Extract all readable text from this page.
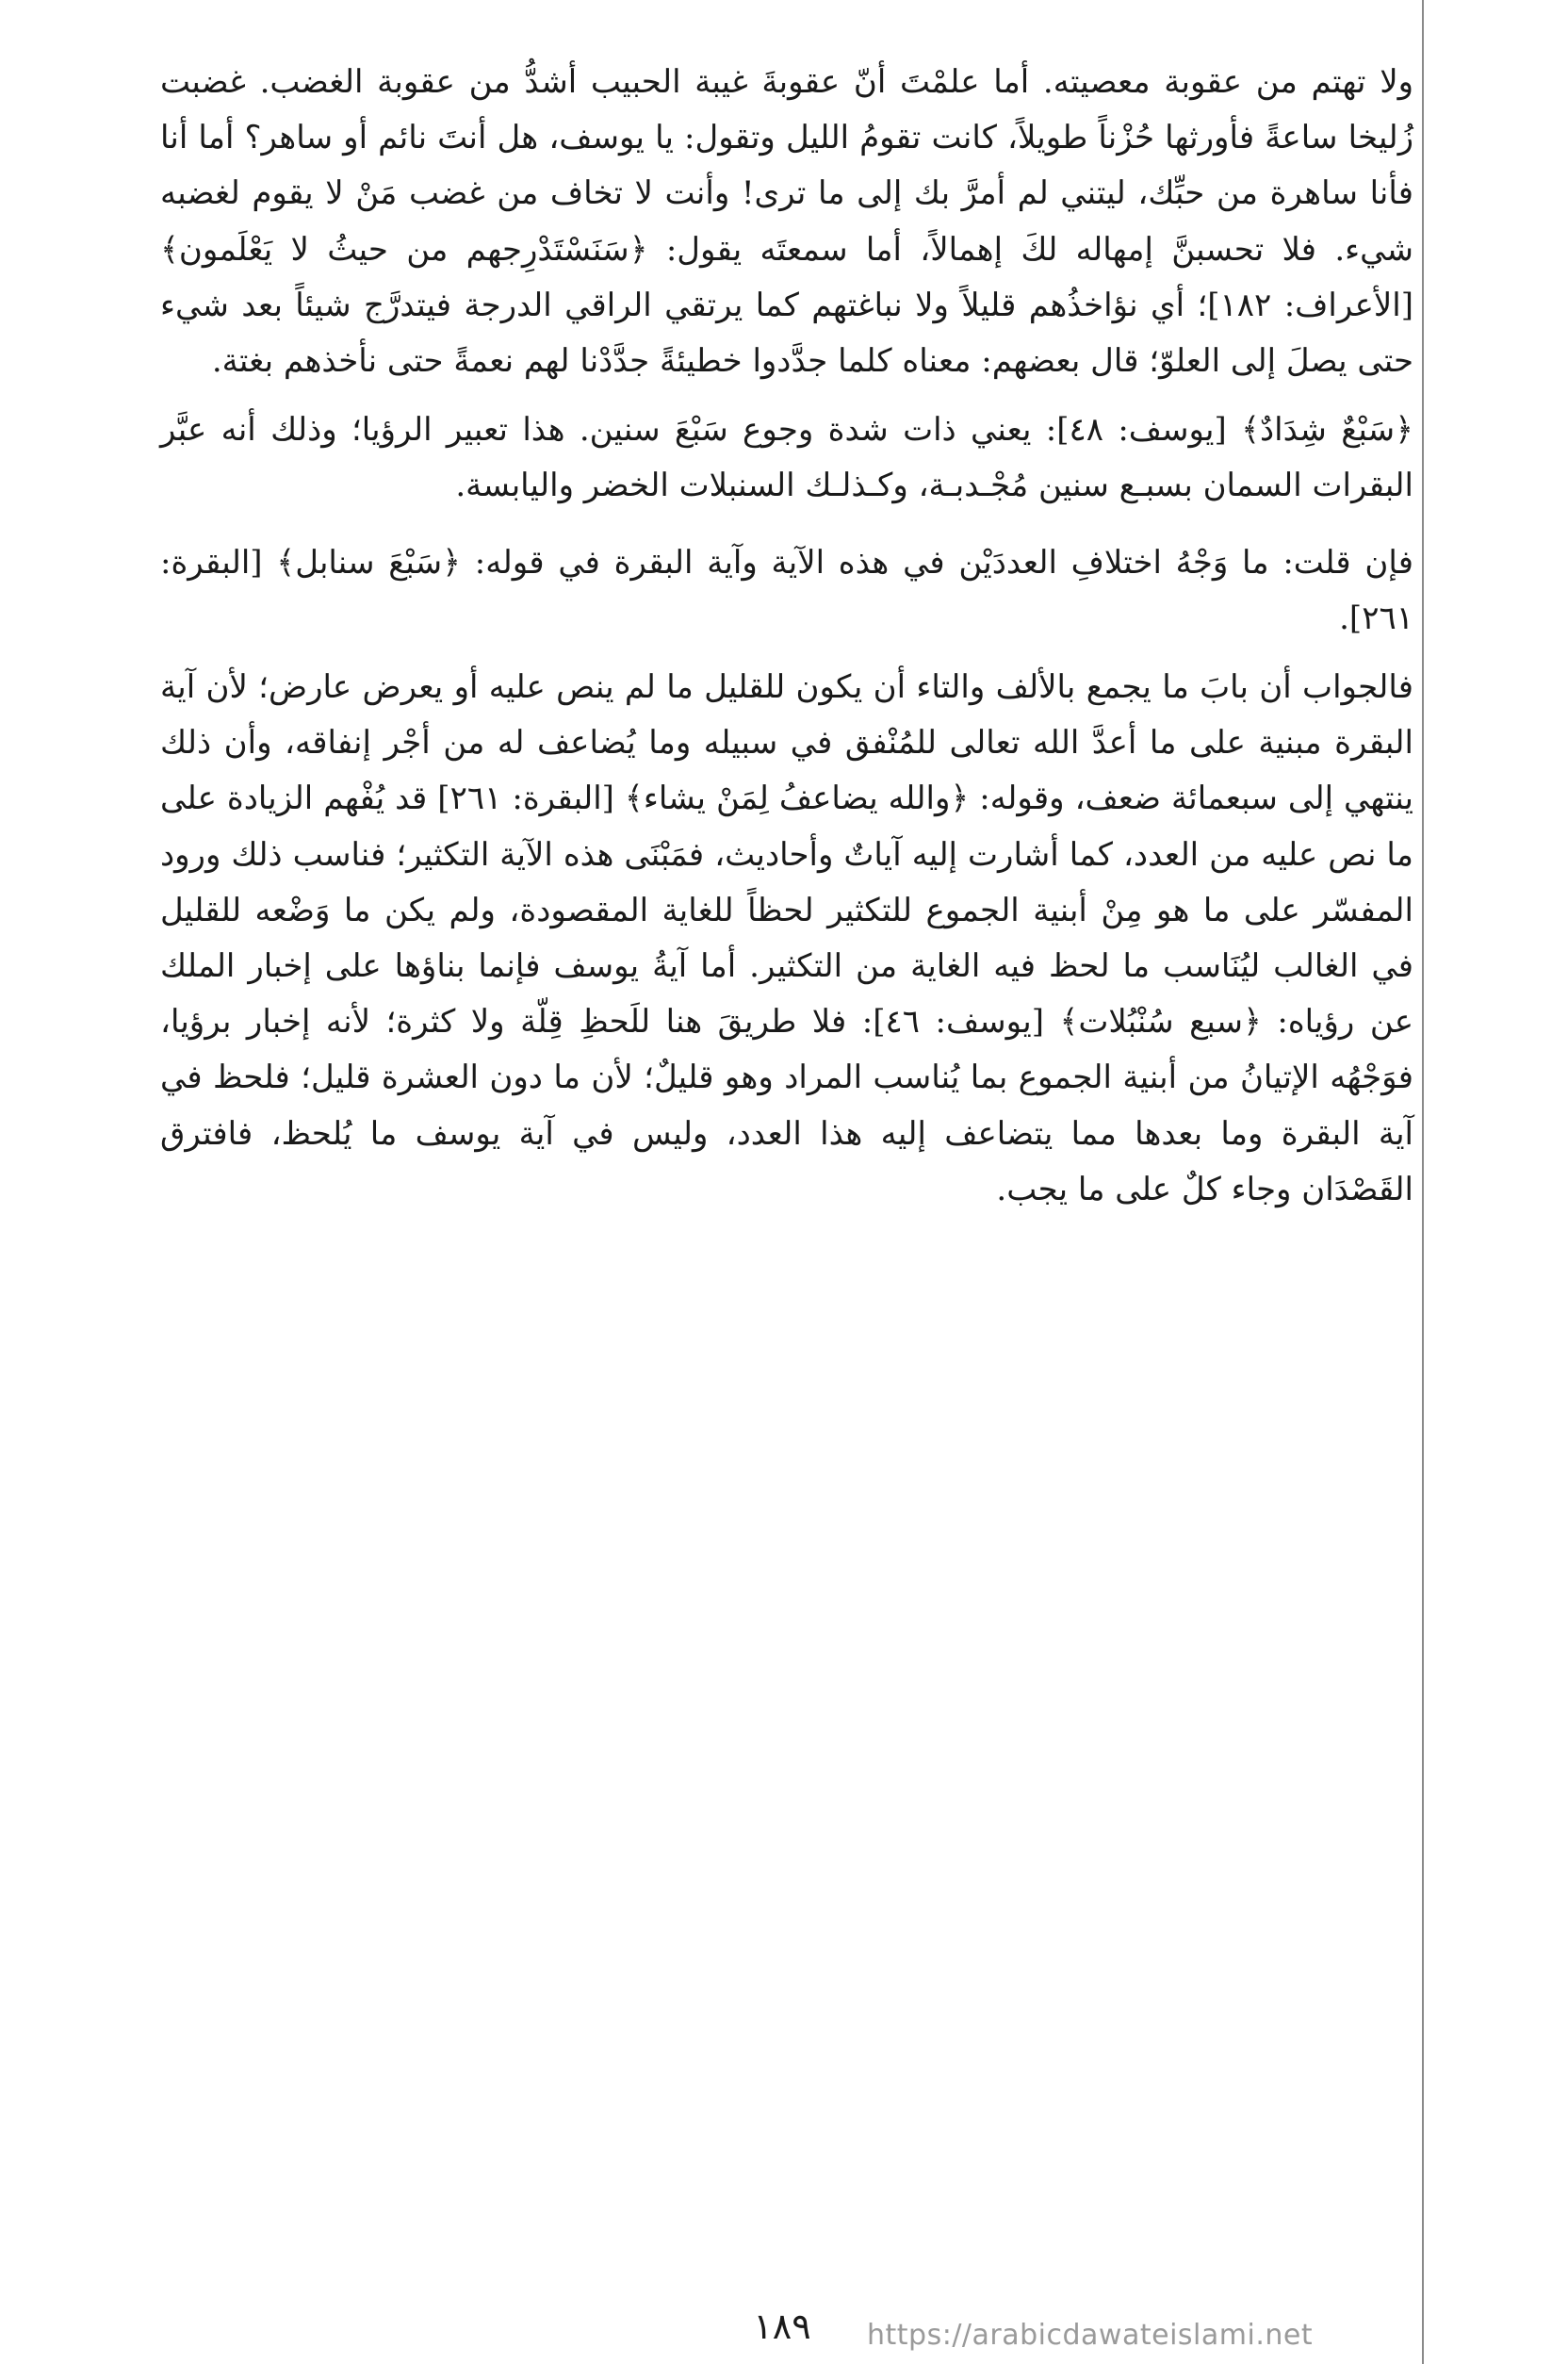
ولا تهتم من عقوبة معصيته. أما علمْتَ أنّ عقوبةَ غيبة الحبيب أشدُّ من عقوبة الغضب. غضبت زُليخا ساعةً فأورثها حُزْناً طويلاً، كانت تقومُ الليل وتقول: يا يوسف، هل أنتَ نائم أو ساهر؟ أما أنا فأنا ساهرة من حبِّك، ليتني لم أمرَّ بك إلى ما ترى! وأنت لا تخاف من غضب مَنْ لا يقوم لغضبه شيء. فلا تحسبنَّ إمهاله لكَ إهمالاً، أما سمعتَه يقول: ﴿سَنَسْتَدْرِجهم من حيثُ لا يَعْلَمون﴾ [الأعراف: ١٨٢]؛ أي نؤاخذُهم قليلاً ولا نباغتهم كما يرتقي الراقي الدرجة فيتدرَّج شيئاً بعد شيء حتى يصلَ إلى العلوّ؛ قال بعضهم: معناه كلما جدَّدوا خطيئةً جدَّدْنا لهم نعمةً حتى نأخذهم بغتة.

﴿سَبْعٌ شِدَادٌ﴾ [يوسف: ٤٨]: يعني ذات شدة وجوع سَبْعَ سنين. هذا تعبير الرؤيا؛ وذلك أنه عبَّر البقرات السمان بسبـع سنين مُجْـدبـة، وكـذلـك السنبلات الخضر واليابسة.

فإن قلت: ما وَجْهُ اختلافِ العددَيْن في هذه الآية وآية البقرة في قوله: ﴿سَبْعَ سنابل﴾ [البقرة: ٢٦١].

فالجواب أن بابَ ما يجمع بالألف والتاء أن يكون للقليل ما لم ينص عليه أو يعرض عارض؛ لأن آية البقرة مبنية على ما أعدَّ الله تعالى للمُنْفق في سبيله وما يُضاعف له من أجْر إنفاقه، وأن ذلك ينتهي إلى سبعمائة ضعف، وقوله: ﴿والله يضاعفُ لِمَنْ يشاء﴾ [البقرة: ٢٦١] قد يُفْهم الزيادة على ما نص عليه من العدد، كما أشارت إليه آياتٌ وأحاديث، فمَبْنَى هذه الآية التكثير؛ فناسب ذلك ورود المفسّر على ما هو مِنْ أبنية الجموع للتكثير لحظاً للغاية المقصودة، ولم يكن ما وَضْعه للقليل في الغالب ليُنَاسب ما لحظ فيه الغاية من التكثير. أما آيةُ يوسف فإنما بناؤها على إخبار الملك عن رؤياه: ﴿سبع سُنْبُلات﴾ [يوسف: ٤٦]: فلا طريقَ هنا للَحظِ قِلّة ولا كثرة؛ لأنه إخبار برؤيا، فوَجْهُه الإتيانُ من أبنية الجموع بما يُناسب المراد وهو قليلٌ؛ لأن ما دون العشرة قليل؛ فلحظ في آية البقرة وما بعدها مما يتضاعف إليه هذا العدد، وليس في آية يوسف ما يُلحظ، فافترق القَصْدَان وجاء كلٌ على ما يجب.

١٨٩	https://arabicdawateislami.net
